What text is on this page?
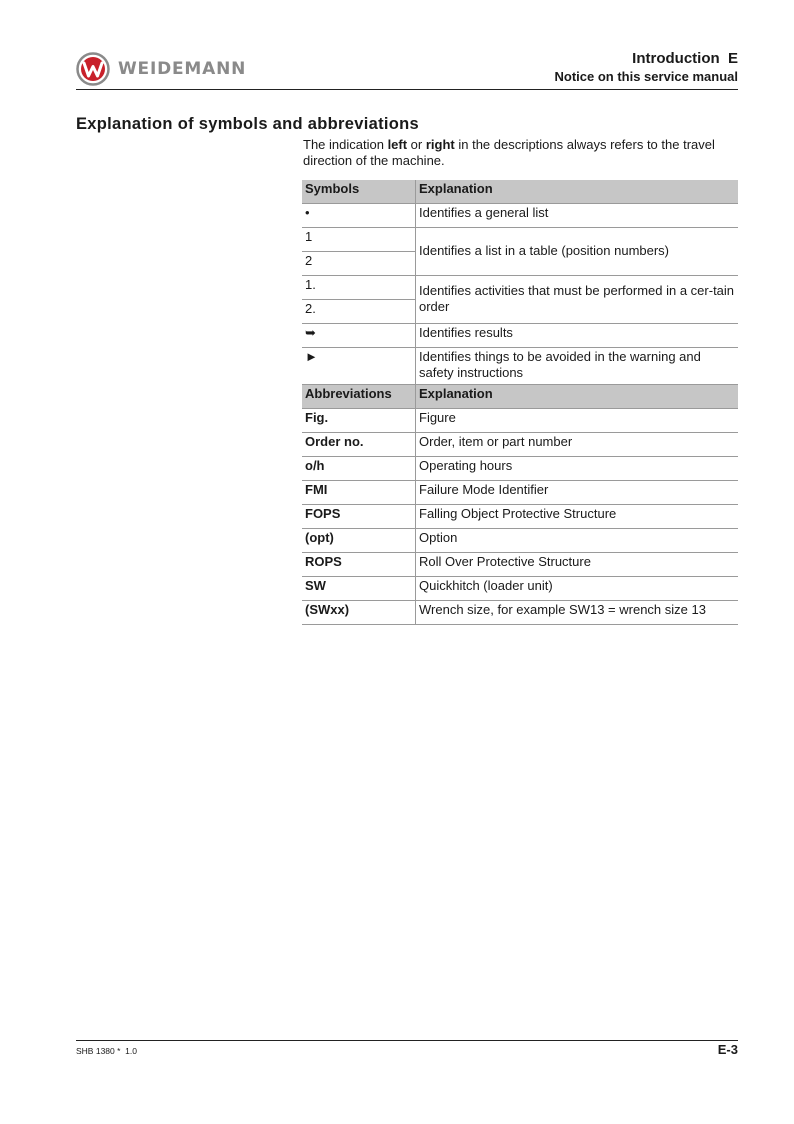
WEIDEMANN
Introduction  E
Notice on this service manual
Explanation of symbols and abbreviations
The indication left or right in the descriptions always refers to the travel direction of the machine.
Symbols	Explanation
•	Identifies a general list
1	Identifies a list in a table (position numbers)
2	
1.	Identifies activities that must be performed in a cer-tain order
2.	
➥	Identifies results
►	Identifies things to be avoided in the warning and safety instructions
Abbreviations	Explanation
Fig.	Figure
Order no.	Order, item or part number
o/h	Operating hours
FMI	Failure Mode Identifier
FOPS	Falling Object Protective Structure
(opt)	Option
ROPS	Roll Over Protective Structure
SW	Quickhitch (loader unit)
(SWxx)	Wrench size, for example SW13 = wrench size 13
SHB 1380 *  1.0	E-3
